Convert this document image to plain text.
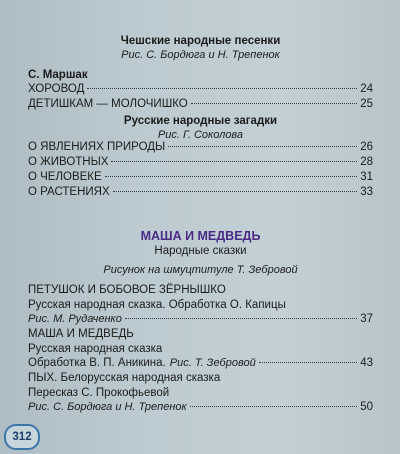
Чешские народные песенки
Рис. С. Бордюга и Н. Трепенок
С. Маршак
ХОРОВОД	24
ДЕТИШКАМ — МОЛОЧИШКО	25
Русские народные загадки
Рис. Г. Соколова
О ЯВЛЕНИЯХ ПРИРОДЫ	26
О ЖИВОТНЫХ	28
О ЧЕЛОВЕКЕ	31
О РАСТЕНИЯХ	33
МАША И МЕДВЕДЬ
Народные сказки
Рисунок на шмуцтитуле Т. Зебровой
ПЕТУШОК И БОБОВОЕ ЗЁРНЫШКО
Русская народная сказка. Обработка О. Капицы
Рис. М. Рудаченко	37
МАША И МЕДВЕДЬ
Русская народная сказка
Обработка В. П. Аникина. Рис. Т. Зебровой	43
ПЫХ. Белорусская народная сказка
Пересказ С. Прокофьевой
Рис. С. Бордюга и Н. Трепенок	50
312
